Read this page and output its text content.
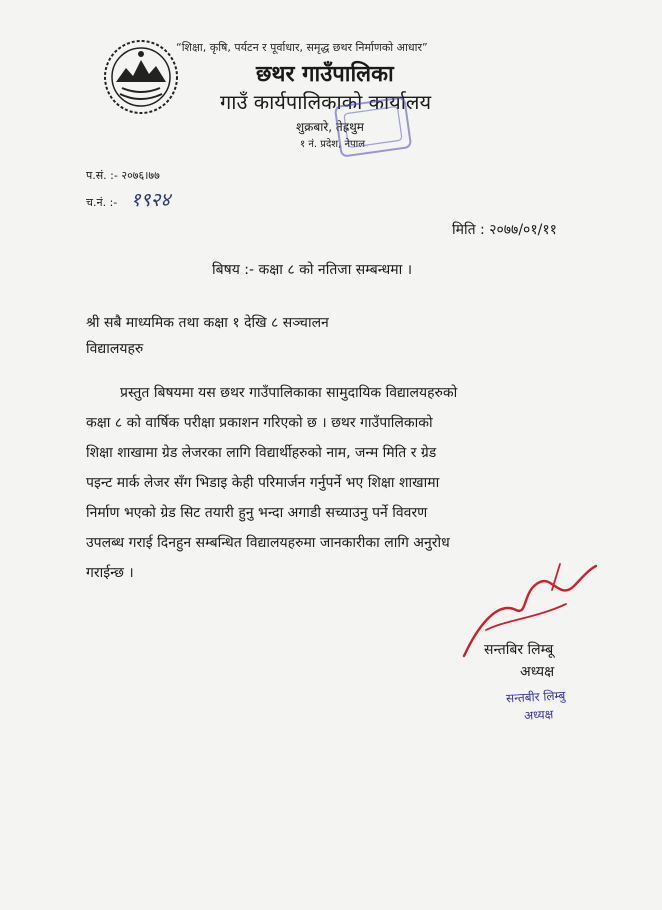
“शिक्षा, कृषि, पर्यटन र पूर्वाधार, समृद्ध छथर निर्माणको आधार”
छथर गाउँपालिका
गाउँ कार्यपालिकाको कार्यालय
शुक्रबारे, तेह्रथुम
१ नं. प्रदेश, नेपाल
प.सं. :- २०७६।७७
च.नं. :- १९२४
मिति : २०७७/०१/११
बिषय :- कक्षा ८ को नतिजा सम्बन्धमा ।
श्री सबै माध्यमिक तथा कक्षा १ देखि ८ सञ्चालन
विद्यालयहरु
प्रस्तुत बिषयमा यस छथर गाउँपालिकाका सामुदायिक विद्यालयहरुको
कक्षा ८ को वार्षिक परीक्षा प्रकाशन गरिएको छ । छथर गाउँपालिकाको
शिक्षा शाखामा ग्रेड लेजरका लागि विद्यार्थीहरुको नाम, जन्म मिति र ग्रेड
पइन्ट मार्क लेजर सँग भिडाइ केही परिमार्जन गर्नुपर्ने भए शिक्षा शाखामा
निर्माण भएको ग्रेड सिट तयारी हुनु भन्दा अगाडी सच्याउनु पर्ने विवरण
उपलब्ध गराई दिनहुन सम्बन्धित विद्यालयहरुमा जानकारीका लागि अनुरोध
गराईन्छ ।
सन्तबिर लिम्बू
अध्यक्ष
सन्तबीर लिम्बु
अध्यक्ष
